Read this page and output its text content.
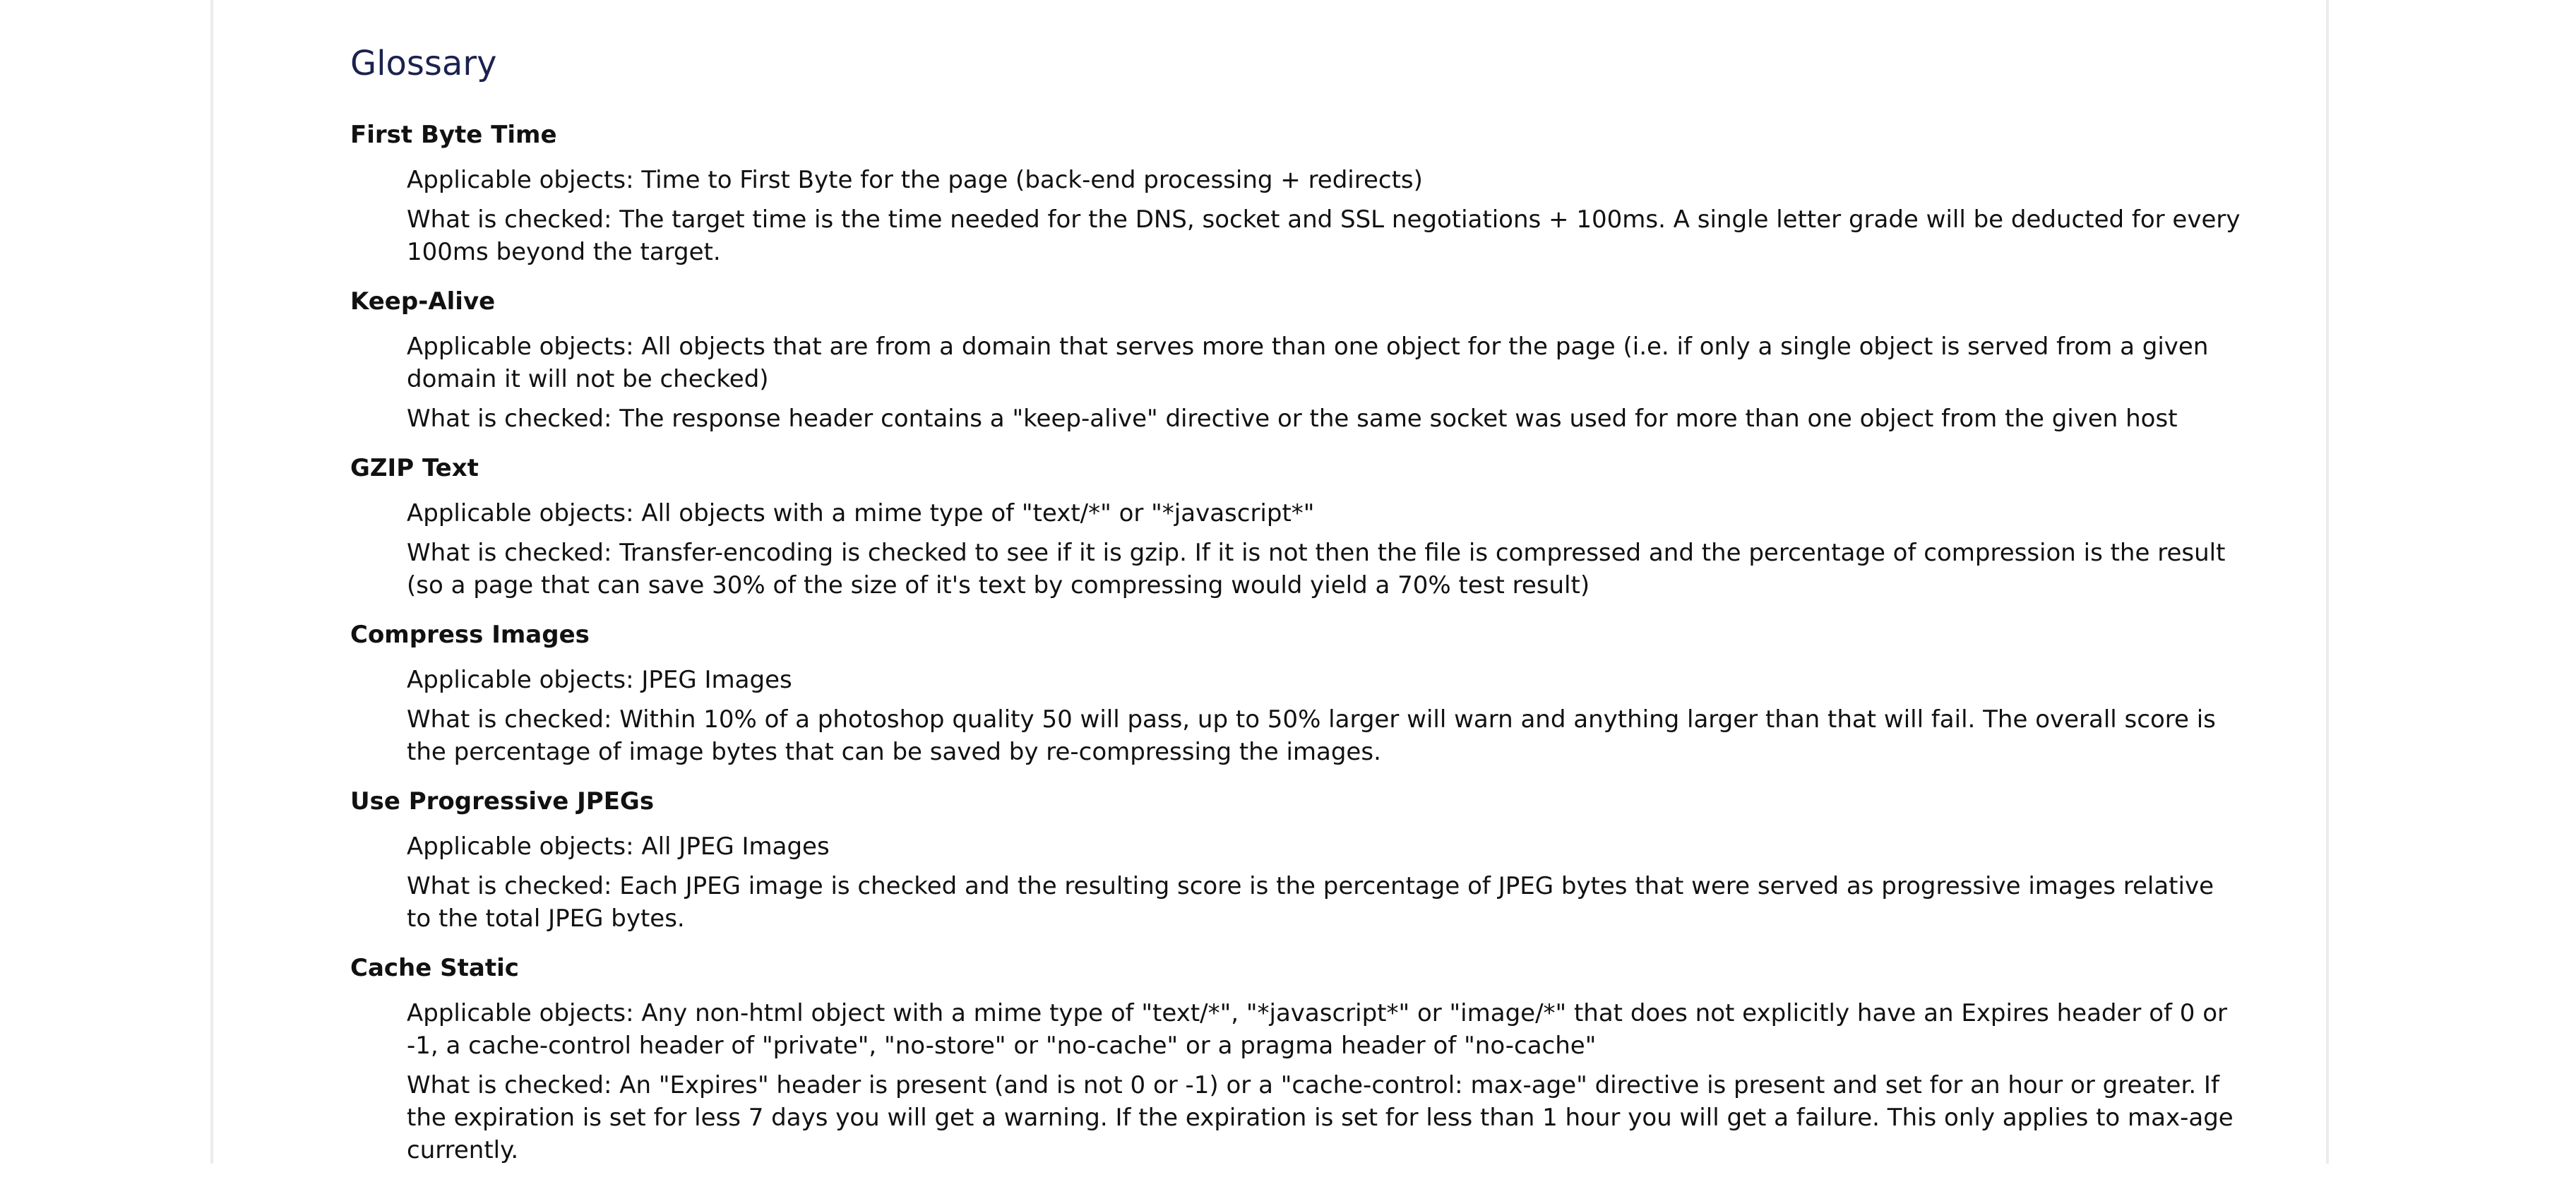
Glossary
First Byte Time
Applicable objects: Time to First Byte for the page (back-end processing + redirects)
What is checked: The target time is the time needed for the DNS, socket and SSL negotiations + 100ms. A single letter grade will be deducted for every 100ms beyond the target.
Keep-Alive
Applicable objects: All objects that are from a domain that serves more than one object for the page (i.e. if only a single object is served from a given domain it will not be checked)
What is checked: The response header contains a "keep-alive" directive or the same socket was used for more than one object from the given host
GZIP Text
Applicable objects: All objects with a mime type of "text/*" or "*javascript*"
What is checked: Transfer-encoding is checked to see if it is gzip. If it is not then the file is compressed and the percentage of compression is the result (so a page that can save 30% of the size of it's text by compressing would yield a 70% test result)
Compress Images
Applicable objects: JPEG Images
What is checked: Within 10% of a photoshop quality 50 will pass, up to 50% larger will warn and anything larger than that will fail. The overall score is the percentage of image bytes that can be saved by re-compressing the images.
Use Progressive JPEGs
Applicable objects: All JPEG Images
What is checked: Each JPEG image is checked and the resulting score is the percentage of JPEG bytes that were served as progressive images relative to the total JPEG bytes.
Cache Static
Applicable objects: Any non-html object with a mime type of "text/*", "*javascript*" or "image/*" that does not explicitly have an Expires header of 0 or -1, a cache-control header of "private", "no-store" or "no-cache" or a pragma header of "no-cache"
What is checked: An "Expires" header is present (and is not 0 or -1) or a "cache-control: max-age" directive is present and set for an hour or greater. If the expiration is set for less 7 days you will get a warning. If the expiration is set for less than 1 hour you will get a failure. This only applies to max-age currently.
